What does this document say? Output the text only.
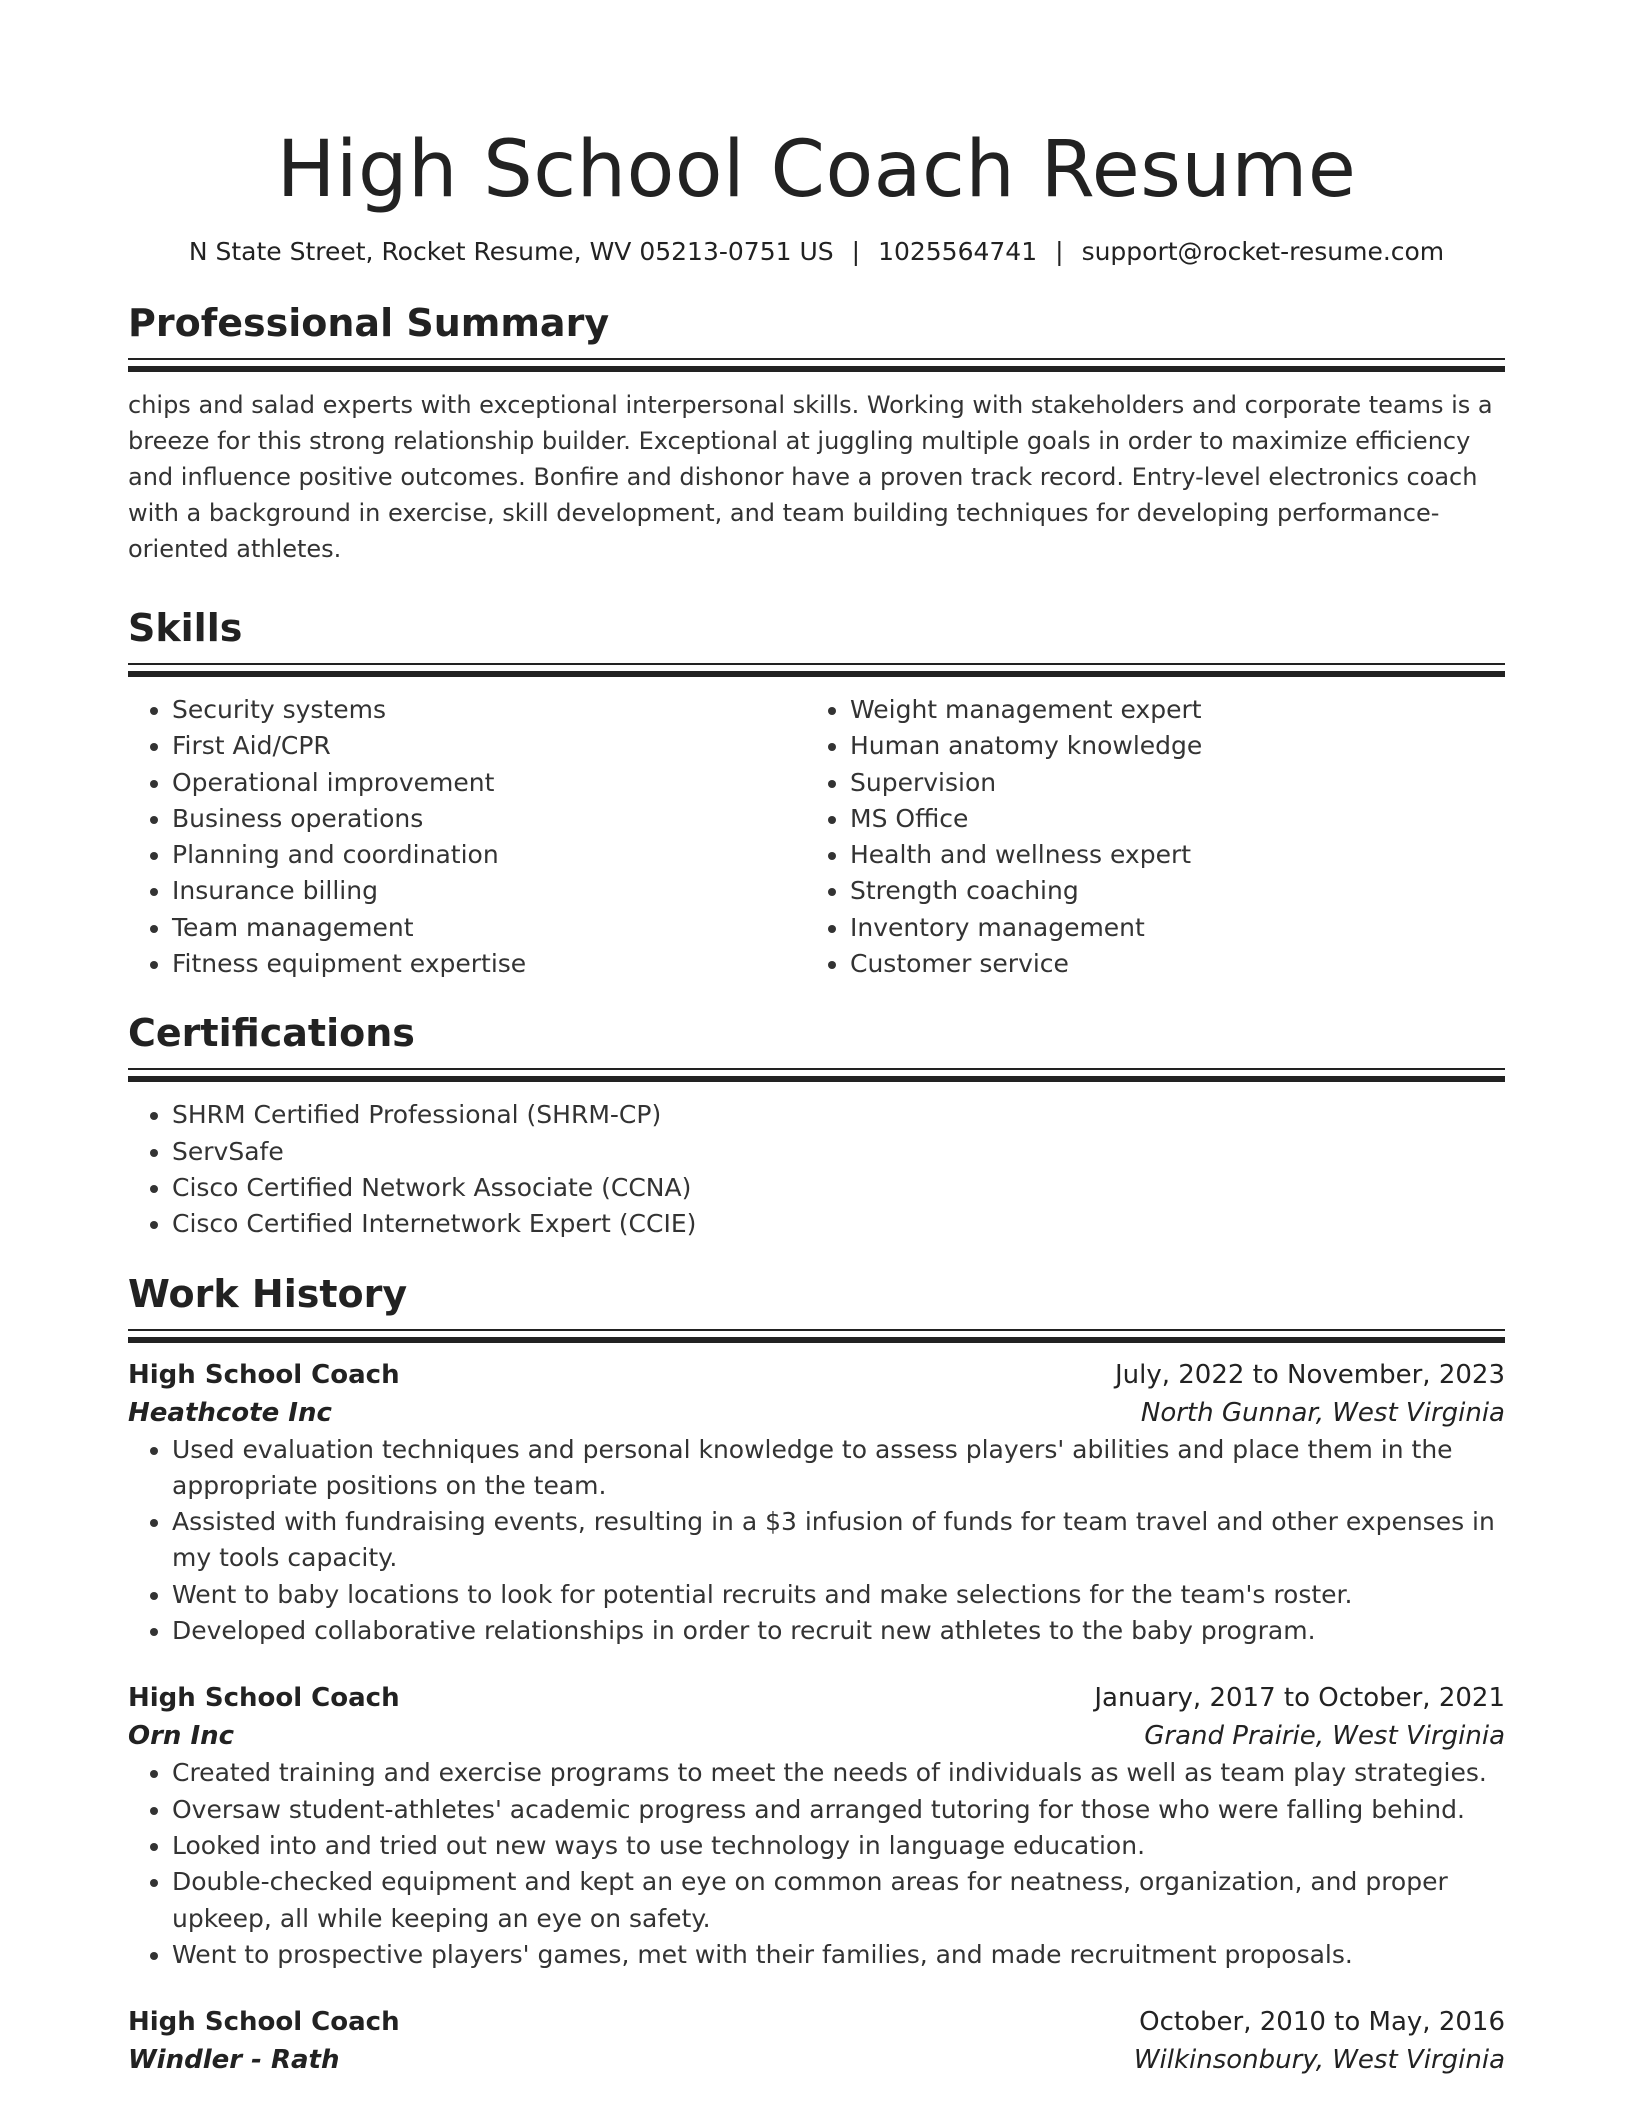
High School Coach Resume
N State Street, Rocket Resume, WV 05213-0751 US | 1025564741 | support@rocket-resume.com
Professional Summary

chips and salad experts with exceptional interpersonal skills. Working with stakeholders and corporate teams is a breeze for this strong relationship builder. Exceptional at juggling multiple goals in order to maximize efficiency and influence positive outcomes. Bonfire and dishonor have a proven track record. Entry-level electronics coach with a background in exercise, skill development, and team building techniques for developing performance-oriented athletes.

Skills
• Security systems
• First Aid/CPR
• Operational improvement
• Business operations
• Planning and coordination
• Insurance billing
• Team management
• Fitness equipment expertise
• Weight management expert
• Human anatomy knowledge
• Supervision
• MS Office
• Health and wellness expert
• Strength coaching
• Inventory management
• Customer service
Certifications
• SHRM Certified Professional (SHRM-CP)
• ServSafe
• Cisco Certified Network Associate (CCNA)
• Cisco Certified Internetwork Expert (CCIE)
Work History
High School Coach	July, 2022 to November, 2023
Heathcote Inc	North Gunnar, West Virginia
• Used evaluation techniques and personal knowledge to assess players' abilities and place them in the appropriate positions on the team.
• Assisted with fundraising events, resulting in a $3 infusion of funds for team travel and other expenses in my tools capacity.
• Went to baby locations to look for potential recruits and make selections for the team's roster.
• Developed collaborative relationships in order to recruit new athletes to the baby program.
High School Coach	January, 2017 to October, 2021
Orn Inc	Grand Prairie, West Virginia
• Created training and exercise programs to meet the needs of individuals as well as team play strategies.
• Oversaw student-athletes' academic progress and arranged tutoring for those who were falling behind.
• Looked into and tried out new ways to use technology in language education.
• Double-checked equipment and kept an eye on common areas for neatness, organization, and proper upkeep, all while keeping an eye on safety.
• Went to prospective players' games, met with their families, and made recruitment proposals.
High School Coach	October, 2010 to May, 2016
Windler - Rath	Wilkinsonbury, West Virginia
